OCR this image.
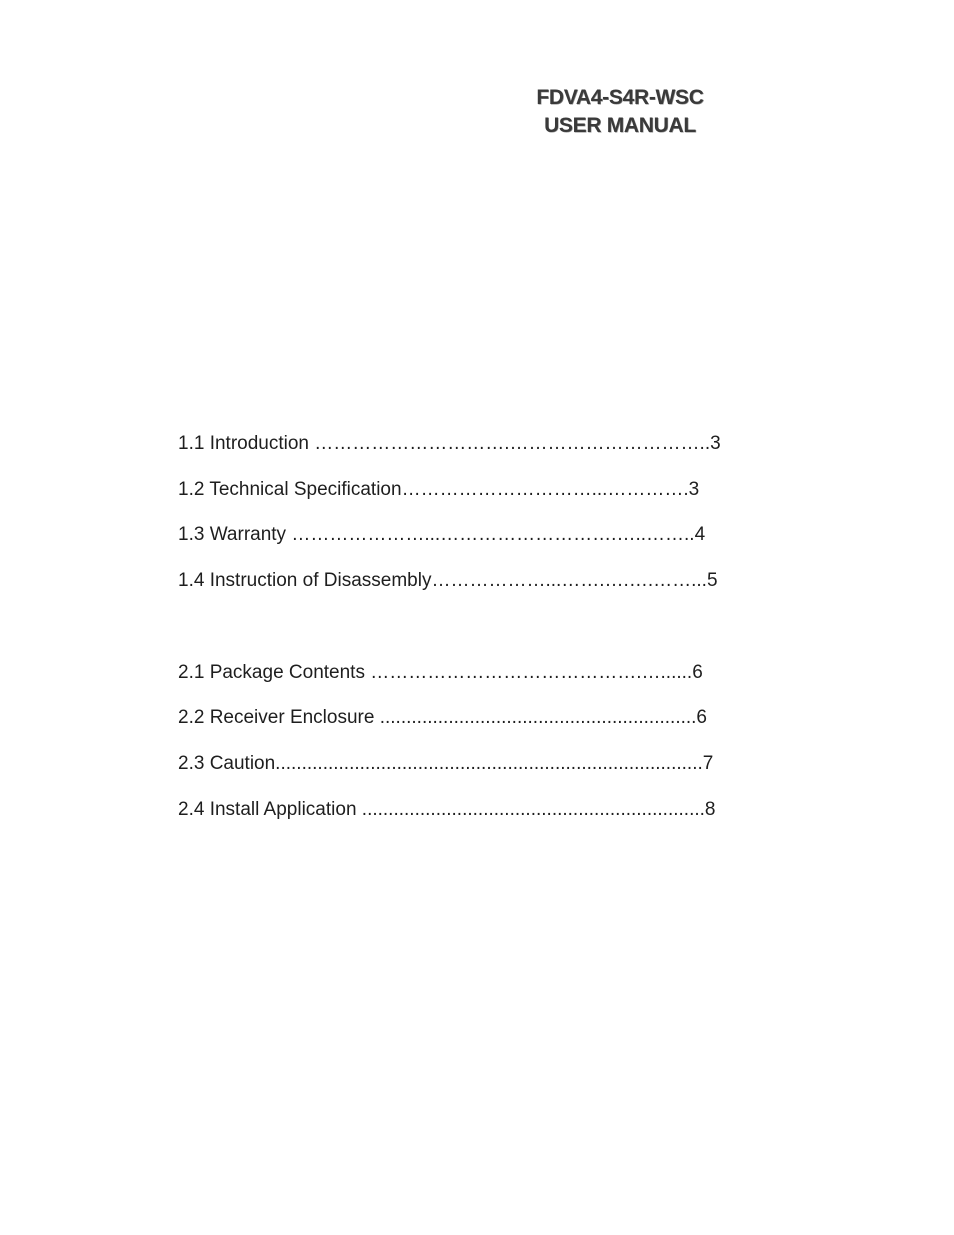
FDVA4-S4R-WSC
USER MANUAL
1.1 Introduction ………………………….…………………………..3
1.2 Technical Specification…………………………...………….3
1.3 Warranty …………………...……………………….…..……..4
1.4 Instruction of Disassembly………………...…….….….……...5
2.1 Package Contents …………………………………….…......6
2.2 Receiver Enclosure ............................................................6
2.3 Caution.................................................................................7
2.4 Install Application .................................................................8
